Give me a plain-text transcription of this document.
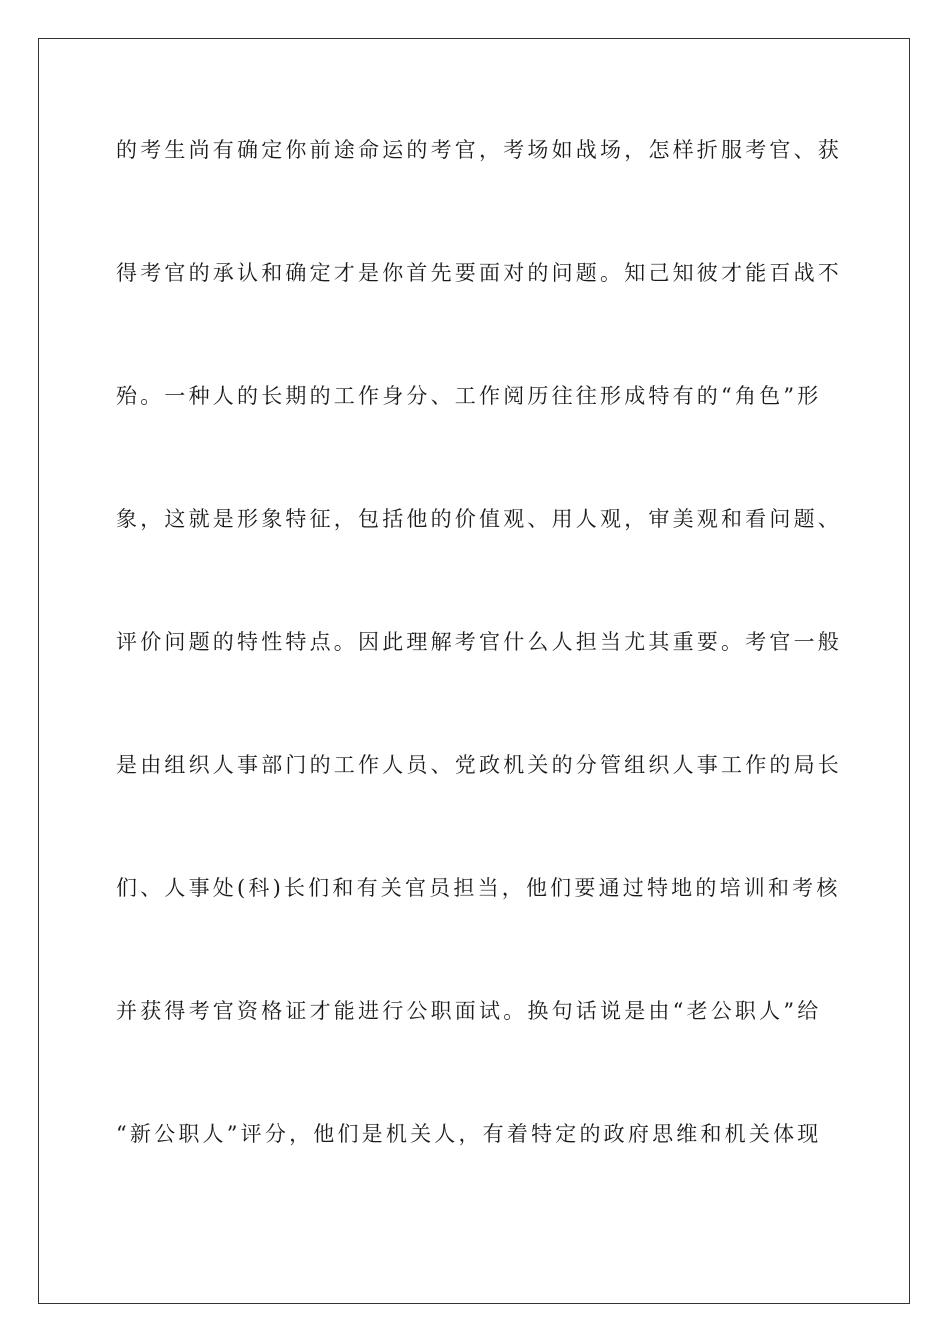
的考生尚有确定你前途命运的考官，考场如战场，怎样折服考官、获
得考官的承认和确定才是你首先要面对的问题。知己知彼才能百战不
殆。一种人的长期的工作身分、工作阅历往往形成特有的“角色”形
象，这就是形象特征，包括他的价值观、用人观，审美观和看问题、
评价问题的特性特点。因此理解考官什么人担当尤其重要。考官一般
是由组织人事部门的工作人员、党政机关的分管组织人事工作的局长
们、人事处(科)长们和有关官员担当，他们要通过特地的培训和考核
并获得考官资格证才能进行公职面试。换句话说是由“老公职人”给
“新公职人”评分，他们是机关人，有着特定的政府思维和机关体现
